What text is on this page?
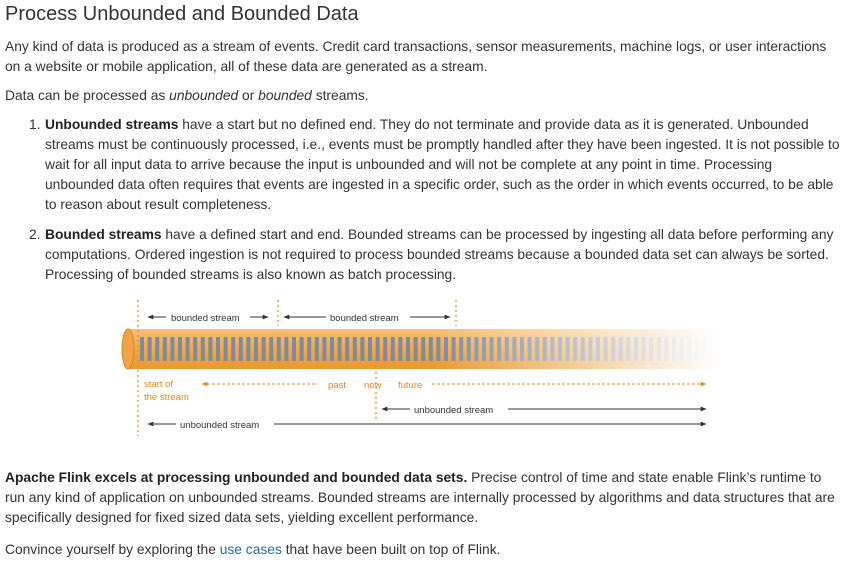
Process Unbounded and Bounded Data

Any kind of data is produced as a stream of events. Credit card transactions, sensor measurements, machine logs, or user interactions on a website or mobile application, all of these data are generated as a stream.

Data can be processed as unbounded or bounded streams.

1. Unbounded streams have a start but no defined end. They do not terminate and provide data as it is generated. Unbounded streams must be continuously processed, i.e., events must be promptly handled after they have been ingested. It is not possible to wait for all input data to arrive because the input is unbounded and will not be complete at any point in time. Processing unbounded data often requires that events are ingested in a specific order, such as the order in which events occurred, to be able to reason about result completeness.
2. Bounded streams have a defined start and end. Bounded streams can be processed by ingesting all data before performing any computations. Ordered ingestion is not required to process bounded streams because a bounded data set can always be sorted. Processing of bounded streams is also known as batch processing.
bounded stream	bounded stream
start of
the stream
past now future
unbounded stream
unbounded stream

Apache Flink excels at processing unbounded and bounded data sets. Precise control of time and state enable Flink’s runtime to run any kind of application on unbounded streams. Bounded streams are internally processed by algorithms and data structures that are specifically designed for fixed sized data sets, yielding excellent performance.

Convince yourself by exploring the use cases that have been built on top of Flink.
